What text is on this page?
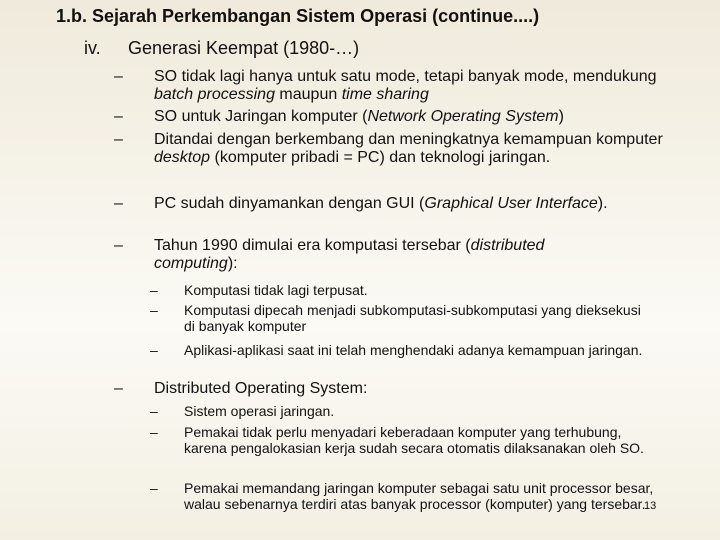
1.b. Sejarah Perkembangan Sistem Operasi (continue....)
iv. Generasi Keempat (1980-…)
–	SO tidak lagi hanya untuk satu mode, tetapi banyak mode, mendukung batch processing maupun time sharing
–	SO untuk Jaringan komputer (Network Operating System)
–	Ditandai dengan berkembang dan meningkatnya kemampuan komputer desktop (komputer pribadi = PC) dan teknologi jaringan.
–	PC sudah dinyamankan dengan GUI (Graphical User Interface).
–	Tahun 1990 dimulai era komputasi tersebar (distributed computing):
– Komputasi tidak lagi terpusat.
– Komputasi dipecah menjadi subkomputasi-subkomputasi yang dieksekusi di banyak komputer
– Aplikasi-aplikasi saat ini telah menghendaki adanya kemampuan jaringan.
–	Distributed Operating System:
– Sistem operasi jaringan.
– Pemakai tidak perlu menyadari keberadaan komputer yang terhubung, karena pengalokasian kerja sudah secara otomatis dilaksanakan oleh SO.
– Pemakai memandang jaringan komputer sebagai satu unit processor besar, walau sebenarnya terdiri atas banyak processor (komputer) yang tersebar.
13
